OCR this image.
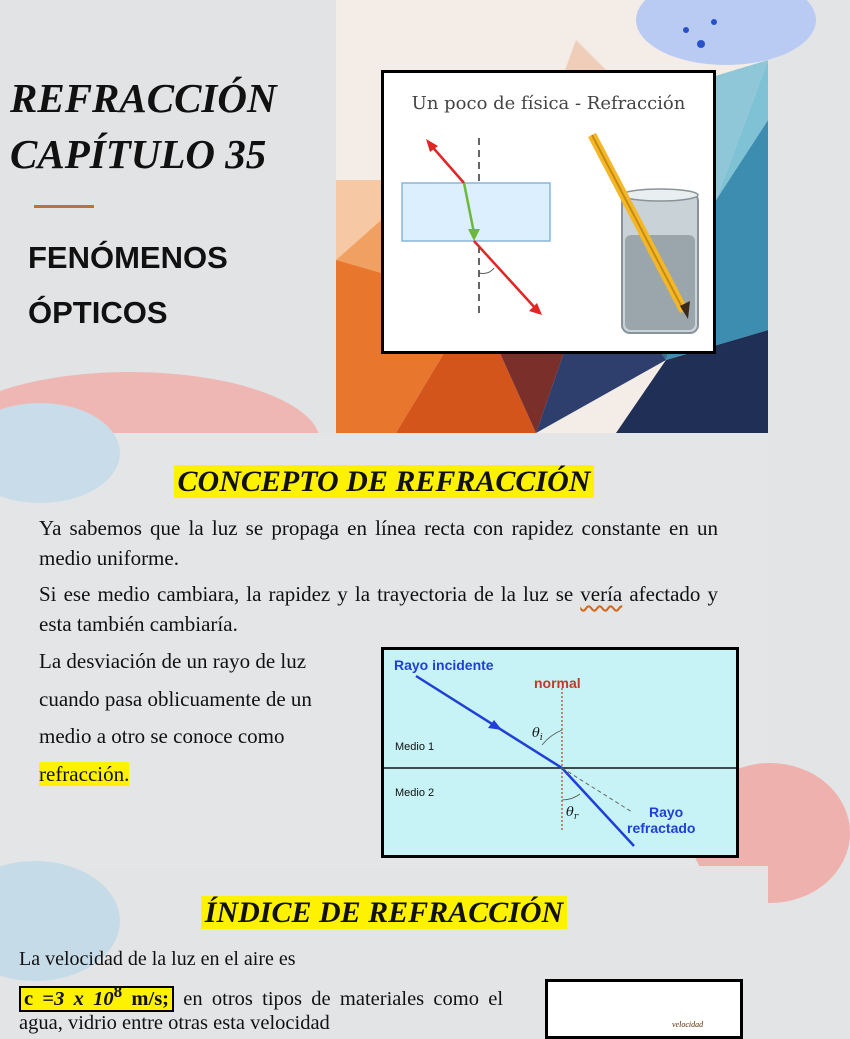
REFRACCIÓN
CAPÍTULO 35
FENÓMENOS
ÓPTICOS
Un poco de física - Refracción
CONCEPTO DE REFRACCIÓN

Ya sabemos que la luz se propaga en línea recta con rapidez constante en un medio uniforme.

Si ese medio cambiara, la rapidez y la trayectoria de la luz se vería afectado y esta también cambiaría.

La desviación de un rayo de luz cuando pasa oblicuamente de un medio a otro se conoce como refracción.

Rayo incidente
normal
Medio 1
Medio 2
$\theta_i$
$\theta_r$	Rayo
refractado
ÍNDICE DE REFRACCIÓN
La velocidad de la luz en el aire es
c =3 x $10^8$ m/s; en otros tipos de materiales como el agua, vidrio entre otras esta velocidad	velocidad
